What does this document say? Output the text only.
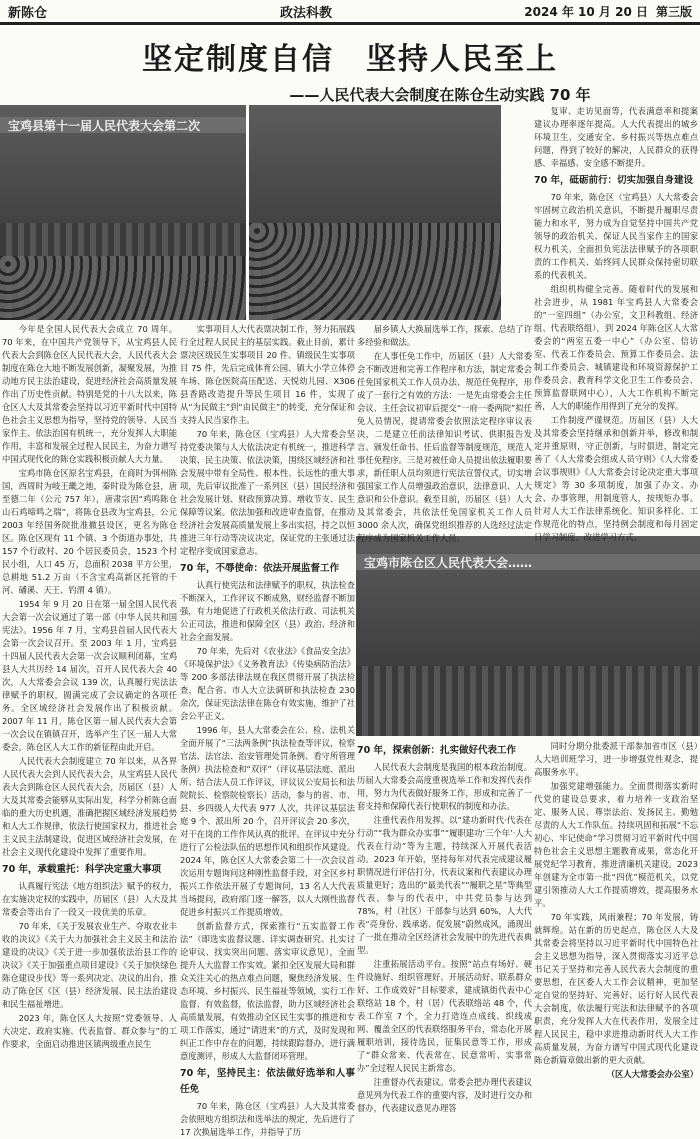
新陈仓	政法科教	2024 年 10 月 20 日 第三版
坚定制度自信　坚持人民至上
——人民代表大会制度在陈仓生动实践 70 年
宝鸡县第十一届人民代表大会第二次
宝鸡市陈仓区人民代表大会……

今年是全国人民代表大会成立 70 周年。70 年来，在中国共产党领导下，从宝鸡县人民代表大会到陈仓区人民代表大会，人民代表大会制度在陈仓大地不断发展创新，凝聚发展，为推动地方民主法治建设，促进经济社会高质量发展作出了历史性贡献。特别是党的十八大以来，陈仓区人大及其常委会坚持以习近平新时代中国特色社会主义思想为指导，坚持党的领导、人民当家作主、依法治国有机统一，充分发挥人大职能作用，丰富和发展全过程人民民主，为奋力谱写中国式现代化的陈仓实践积极贡献人大力量。

宝鸡市陈仓区原名宝鸡县，在商时为弭州陈国，西周时为岐王畿之地，秦时设为陈仓县，唐至德二年（公元 757 年），唐肃宗因“鸡鸣陈仓山石鸡啼鸣之瑞”，将陈仓县改为宝鸡县，公元 2003 年经国务院批准撤县设区，更名为陈仓区。陈仓区现有 11 个镇、3 个街道办事处，共 157 个行政村、20 个居民委员会，1523 个村民小组，人口 45 万，总面积 2038 平方公里，总耕地 51.2 万亩（不含宝鸡高新区托管的千河、磻溪、天王、钓渭 4 镇）。

1954 年 9 月 20 日在第一届全国人民代表大会第一次会议通过了第一部《中华人民共和国宪法》。1956 年 7 月，宝鸡县首届人民代表大会第一次会议召开。至 2003 年 1 月，宝鸡县十四届人民代表大会第一次会议顺利闭幕，宝鸡县人大共历经 14 届次，召开人民代表大会 40 次，人大常委会会议 139 次，认真履行宪法法律赋予的职权，圆满完成了会议确定的各项任务。全区域经济社会发展作出了积极贡献。2007 年 11 月，陈仓区第一届人民代表大会第一次会议在镇镇召开，选举产生了区一届人大常委会，陈仓区人大工作的新征程由此开启。

人民代表大会制度建立 70 年以来，从各界人民代表大会到人民代表大会，从宝鸡县人民代表大会到陈仓区人民代表大会，历届区（县）人大及其常委会能够从实际出发，科学分析陈仓面临的重大历史机遇，准确把握区域经济发展趋势和人大工作规律，依法行使国家权力，推进社会主义民主法制建设，促进区域经济社会发展，在社会主义现代化建设中发挥了重要作用。

70 年，承载重托：科学决定重大事项

认真履行宪法《地方组织法》赋予的权力，在实施决定权的实践中，历届区（县）人大及其常委会等出台了一段又一段优美的乐章。

70 年来，《关于发展农业生产、夺取农业丰收的决议》《关于大力加强社会主义民主和法治建设的决议》《关于进一步加强依法治县工作的决议》《关于加强重点项目建设》《关于加快绿色陈仓建设步伐》等一系列决定、决议的出台，推动了陈仓区《区（县）经济发展、民主法治建设和民生福祉增进。

2023 年，陈仓区人大按照“党委领导、人大决定、政府实施、代表监督、群众参与”的工作要求，全面启动推进区镇两级重点民生

实事项目人大代表票决制工作，努力拓展践行全过程人民民主的基层实践。截止目前，累计票决区级民生实事项目 20 件、镇级民生实事项目 75 件，先后完成体育公园、镇大小学立体停车场、陈仓医院高压配送、天悦幼儿园、X306 县香路改造提升等民生项目 16 件，实现了从“为民做主”到“由民做主”的转变，充分保证和支持人民当家作主。

70 年来，陈仓区（宝鸡县）人大常委会坚持党委决策与人大依法决定有机统一，推进科学决策、民主决策、依法决策，围绕区域经济和社会发展中带有全局性、根本性、长远性的重大事项，先后审议批准了一系列区（县）国民经济和社会发展计划、财政预算决算、增收节支、民生保障等议案。依法加强和改进审查监督，在推动经济社会发展高质量发展上多出实招，持之以恒推进三年行动等决议决定，保证党的主张通过法定程序变成国家意志。

70 年，不辱使命：依法开展监督工作

认真行使宪法和法律赋予的职权，执法检查不断深入，工作评议不断成熟，财经监督不断加强，有力地促进了行政机关依法行政、司法机关公正司法，推进和保障全区（县）政治、经济和社会全面发展。

70 年来，先后对《农业法》《食品安全法》《环境保护法》《义务教育法》《传染病防治法》等 200 多部法律法规在我区贯彻开展了执法检查，配合省、市人大立法调研和执法检查 230 余次，保证宪法法律在陈仓有效实施，维护了社会公平正义。

1996 年，县人大常委会在公、检、法机关全面开展了“三法两条例”执法检查等评议，检察官法、法官法、治安管理处罚条例、看守所管理条例）执法检查和“双评”（评议基层法庭、派出所、结合法人员工作评议，评议议公安局长和法院院长、检察院检察长）活动，参与的省、市、县、乡四级人大代表 977 人次，共评议基层法庭 9 个、派出所 20 个，召开评议会 20 多次，对干在岗的工作作风认真的批评。在评议中充分进行了公检法队伍的思想作风和组织作风建设。2024 年，陈仓区人大常委会第二十一次会议首次运用专题询问这种刚性监督手段，对全区乡村振兴工作依法开展了专题询问，13 名人大代表当场提问，政府部门逐一解答，以人大刚性监督促进乡村振兴工作提质增效。

创新监督方式，探索推行“五实监督工作法”（即选实监督议题、详实调查研究、扎实讨论审议、找实突出问题、落实审议意见），全面提升人大监督工作实效。紧扣全区发展大局和群众关注关心的热点难点问题，聚焦经济发展、生态环境、乡村振兴、民生福祉等领域，实行工作监督、有效监督，依法监督，助力区域经济社会高质量发展，有效推动全区民生实事的推进和专项工作落实，通过“请进来”的方式，及时发现和纠正工作中存在的问题，持续跟踪督办，进行满意度测评，形成人大监督闭环管理。

70 年，坚持民主：依法做好选举和人事任免

70 年来，陈仓区（宝鸡县）人大及其常委会依照地方组织法和选举法的规定，先后进行了 17 次换届选举工作，并指导了历

届乡镇人大换届选举工作，探索、总结了许多经验和做法。

在人事任免工作中，历届区（县）人大常委会不断改进和完善工作程序和方法，制定常委会任免国家机关工作人员办法、规范任免程序，形成了一套行之有效的方法：一是先由常委会主任会议、主任会议初审后提交“一府一委两院”拟任免人员情况，提请常委会依照法定程序审议表决，二是建立任前法律知识考试、供职报告发言、颁发任命书、任后监督等制度规范，规范人事任免程序。三是对被任命人员提出依法履职要求，新任职人员均须进行宪法宣誓仪式，切实增强国家工作人员增强政治意识，法律意识、人大意识和公仆意识。截至目前，历届区（县）人大及其常委会，共依法任免国家机关工作人员 3000 余人次，确保党组织推荐的人选经过法定程序成为国家机关工作人员。

复审、走访见面等，代表满意率和提案建议办理率逐年提高。人大代表提出的城乡环境卫生、交通安全、乡村振兴等热点难点问题，得到了较好的解决，人民群众的获得感、幸福感、安全感不断提升。

70 年，砥砺前行：切实加强自身建设

70 年来，陈仓区（宝鸡县）人大常委会牢固树立政治机关意识，不断提升履职尽责能力和水平，努力成为自觉坚持中国共产党领导的政治机关、保证人民当家作主的国家权力机关、全面担负宪法法律赋予的各项职责的工作机关、始终同人民群众保持密切联系的代表机关。

组织机构健全完善。随着时代的发展和社会进步，从 1981 年宝鸡县人大常委会的“一室四组”（办公室，文卫科教组、经济组、代表联络组），到 2024 年陈仓区人大常委会的“两室五委一中心”（办公室、信访室、代表工作委员会、预算工作委员会、法制工作委员会、城镇建设和环境资源保护工作委员会、教育科学文化卫生工作委员会、预算监督联网中心），人大工作机构不断完善，人大的职能作用得到了充分的发挥。

工作制度严谨规范。历届区（县）人大及其常委会坚持继承和创新并举，修改和制定并重原则，守正创新，与时俱进，制定完善了《人大常委会组成人员守则》《人大常委会议事规则》《人大常委会讨论决定重大事项规定》等 30 多项制度，加强了办文、办会、办事管理，用制度管人，按规矩办事。针对人大工作法律系统化、知识多样化、工作规范化的特点，坚持例会制度和每月固定日学习制度，改进学习方式。

70 年，探索创新：扎实做好代表工作

人民代表大会制度是我国的根本政治制度。历届人大常委会高度重视选举工作和发挥代表作用，努力为代表做好服务工作，形成和完善了一套支持和保障代表行使职权的制度和办法。

注重代表作用发挥。以“建功新时代·代表在行动”“我为群众办实事”“履职建功‘三个年’·人大代表在行动”等为主题，持续深入开展代表活动。2023 年开始，坚持每年对代表完成建议履职情况进行评估打分，代表议案和代表建议办理质量更好；选出的“最美代表”“履职之星”等典型代表，参与的代表中，中共党员参与达到 78%，村（社区）干部参与达到 60%，人大代表“亮身份、践承诺、促发展”蔚然成风，涌现出了一批在推动全区经济社会发展中的先进代表典型。

注重拓展活动平台。按照“站点有场好、硬件设施好、组织管理好、开展活动好、联系群众好、工作成效好”目标要求，建成镇街代表中心联络站 18 个，村（居）代表联络站 48 个，代表工作室 7 个，全力打造连点成线、织线成网、覆盖全区的代表联络服务平台，常态化开展履职培训，接待选民，征集民意等工作，形成了“群众常来、代表常在、民意常听、实事常办”全过程人民民主新常态。

注重督办代表建议。常委会把办理代表建议意见列为代表工作的重要内容，及时进行交办和督办，代表建议意见办理答

同时分期分批委派干部参加省市区（县）人大培训班学习，进一步增强党性观念，提高服务水平。

加强党建增强能力。全面贯彻落实新时代党的建设总要求，着力培养一支政治坚定、服务人民、尊崇法治、发扬民主、勤勉尽责的人大工作队伍。持续巩固和拓展“不忘初心、牢记使命”学习贯彻习近平新时代中国特色社会主义思想主题教育成果，常态化开展党纪学习教育，推进清廉机关建设。2023 年创建为全市第一批“四优”模范机关，以党建引领推动人大工作提质增效，提高服务水平。

70 年实践，风雨兼程；70 年发展，铸就辉煌。站在新的历史起点，陈仓区人大及其常委会将坚持以习近平新时代中国特色社会主义思想为指导，深入贯彻落实习近平总书记关于坚持和完善人民代表大会制度的重要思想，在区委人大工作会议精神，更加坚定自觉的坚持好、完善好、运行好人民代表大会制度，依法履行宪法和法律赋予的各项职责，充分发挥人大在代表作用，发展全过程人民民主，稳中求进推动新时代人大工作高质量发展，为奋力谱写中国式现代化建设陈仓新篇章做出新的更大贡献。

（区人大常委会办公室）
